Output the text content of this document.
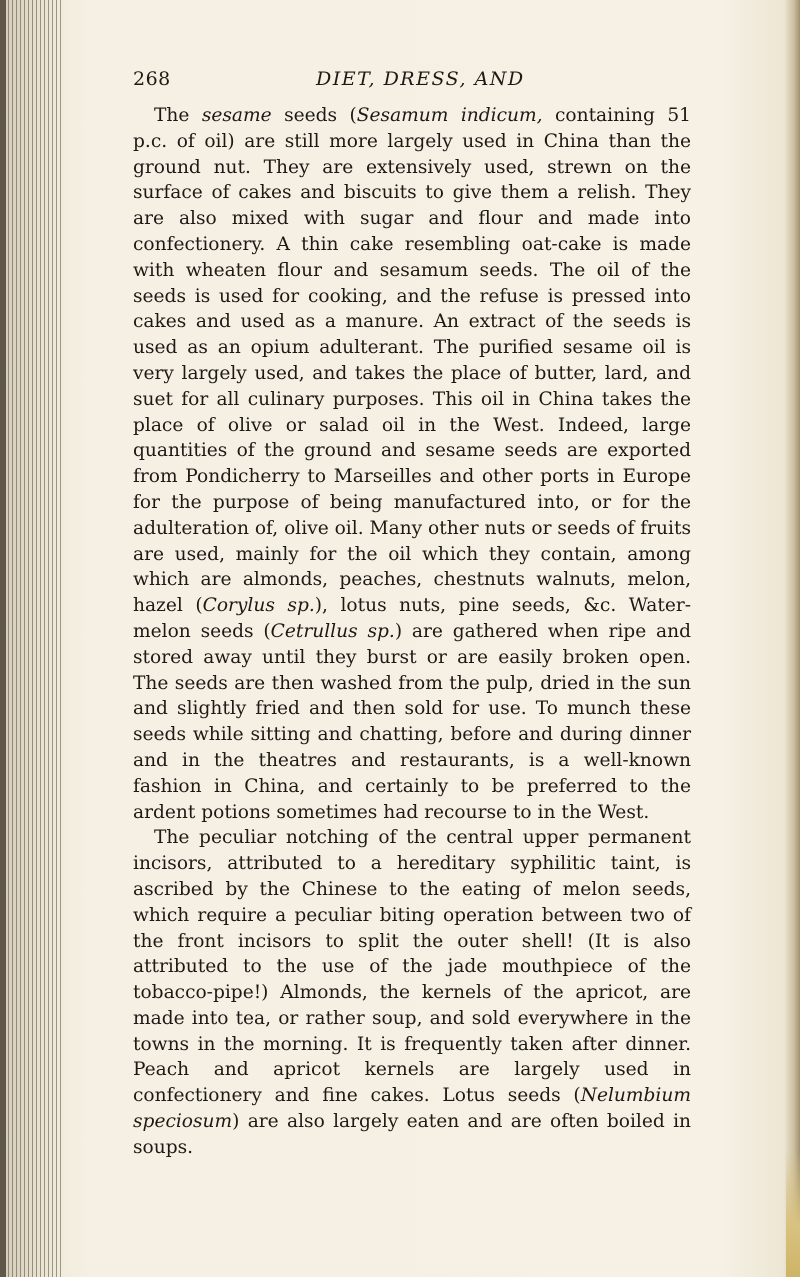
268	DIET, DRESS, AND

The sesame seeds (Sesamum indicum, containing 51 p.c. of oil) are still more largely used in China than the ground nut. They are extensively used, strewn on the surface of cakes and biscuits to give them a relish. They are also mixed with sugar and flour and made into confectionery. A thin cake resembling oat-cake is made with wheaten flour and sesamum seeds. The oil of the seeds is used for cooking, and the refuse is pressed into cakes and used as a manure. An extract of the seeds is used as an opium adulterant. The purified sesame oil is very largely used, and takes the place of butter, lard, and suet for all culinary purposes. This oil in China takes the place of olive or salad oil in the West. Indeed, large quantities of the ground and sesame seeds are exported from Pondicherry to Marseilles and other ports in Europe for the purpose of being manufactured into, or for the adulteration of, olive oil. Many other nuts or seeds of fruits are used, mainly for the oil which they contain, among which are almonds, peaches, chestnuts walnuts, melon, hazel (Corylus sp.), lotus nuts, pine seeds, &c. Water-melon seeds (Cetrullus sp.) are gathered when ripe and stored away until they burst or are easily broken open. The seeds are then washed from the pulp, dried in the sun and slightly fried and then sold for use. To munch these seeds while sitting and chatting, before and during dinner and in the theatres and restaurants, is a well-known fashion in China, and certainly to be preferred to the ardent potions sometimes had recourse to in the West.

The peculiar notching of the central upper permanent incisors, attributed to a hereditary syphilitic taint, is ascribed by the Chinese to the eating of melon seeds, which require a peculiar biting operation between two of the front incisors to split the outer shell! (It is also attributed to the use of the jade mouthpiece of the tobacco-pipe!) Almonds, the kernels of the apricot, are made into tea, or rather soup, and sold everywhere in the towns in the morning. It is frequently taken after dinner. Peach and apricot kernels are largely used in confectionery and fine cakes. Lotus seeds (Nelumbium speciosum) are also largely eaten and are often boiled in soups.
